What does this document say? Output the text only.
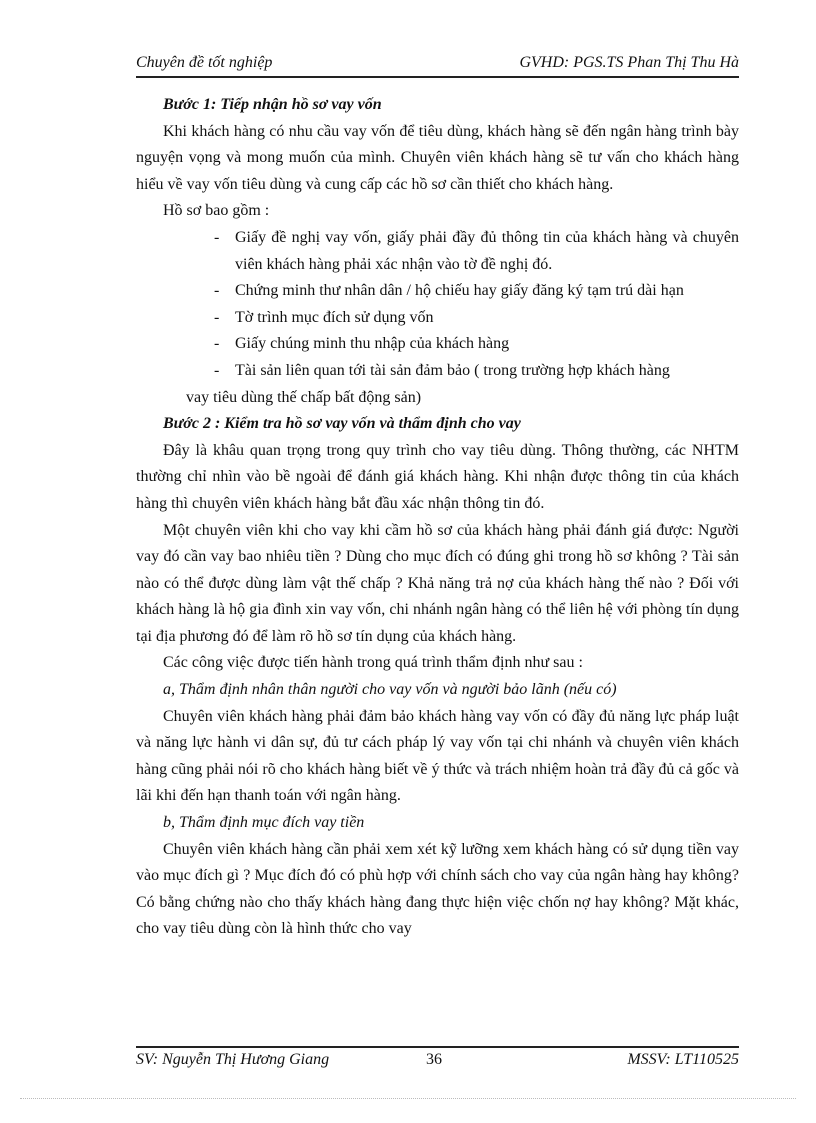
Chuyên đề tốt nghiệp	GVHD: PGS.TS Phan Thị Thu Hà

Bước 1: Tiếp nhận hồ sơ vay vốn

Khi khách hàng có nhu cầu vay vốn để tiêu dùng, khách hàng sẽ đến ngân hàng trình bày nguyện vọng và mong muốn của mình. Chuyên viên khách hàng sẽ tư vấn cho khách hàng hiểu về vay vốn tiêu dùng và cung cấp các hồ sơ cần thiết cho khách hàng.

Hồ sơ bao gồm :

- Giấy đề nghị vay vốn, giấy phải đầy đủ thông tin của khách hàng và chuyên viên khách hàng phải xác nhận vào tờ đề nghị đó.
- Chứng minh thư nhân dân / hộ chiếu hay giấy đăng ký tạm trú dài hạn
- Tờ trình mục đích sử dụng vốn
- Giấy chúng minh thu nhập của khách hàng
- Tài sản liên quan tới tài sản đảm bảo ( trong trường hợp khách hàng

vay tiêu dùng thế chấp bất động sản)

Bước 2 : Kiểm tra hồ sơ vay vốn và thẩm định cho vay

Đây là khâu quan trọng trong quy trình cho vay tiêu dùng. Thông thường, các NHTM thường chỉ nhìn vào bề ngoài để đánh giá khách hàng. Khi nhận được thông tin của khách hàng thì chuyên viên khách hàng bắt đầu xác nhận thông tin đó.

Một chuyên viên khi cho vay khi cầm hồ sơ của khách hàng phải đánh giá được: Người vay đó cần vay bao nhiêu tiền ? Dùng cho mục đích có đúng ghi trong hồ sơ không ? Tài sản nào có thể được dùng làm vật thế chấp ? Khả năng trả nợ của khách hàng thế nào ? Đối với khách hàng là hộ gia đình xin vay vốn, chi nhánh ngân hàng có thể liên hệ với phòng tín dụng tại địa phương đó để làm rõ hồ sơ tín dụng của khách hàng.

Các công việc được tiến hành trong quá trình thẩm định như sau :

a, Thẩm định nhân thân người cho vay vốn và người bảo lãnh (nếu có)

Chuyên viên khách hàng phải đảm bảo khách hàng vay vốn có đầy đủ năng lực pháp luật và năng lực hành vi dân sự, đủ tư cách pháp lý vay vốn tại chi nhánh và chuyên viên khách hàng cũng phải nói rõ cho khách hàng biết về ý thức và trách nhiệm hoàn trả đầy đủ cả gốc và lãi khi đến hạn thanh toán với ngân hàng.

b, Thẩm định mục đích vay tiền

Chuyên viên khách hàng cần phải xem xét kỹ lưỡng xem khách hàng có sử dụng tiền vay vào mục đích gì ? Mục đích đó có phù hợp với chính sách cho vay của ngân hàng hay không? Có bằng chứng nào cho thấy khách hàng đang thực hiện việc chốn nợ hay không? Mặt khác, cho vay tiêu dùng còn là hình thức cho vay

SV: Nguyễn Thị Hương Giang	36	MSSV: LT110525
